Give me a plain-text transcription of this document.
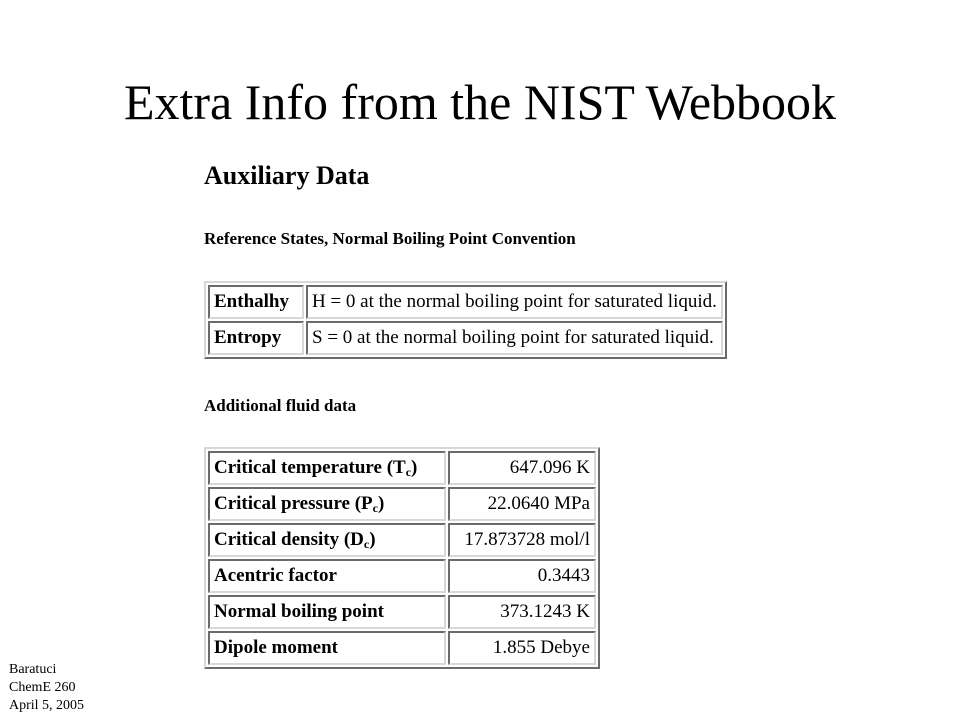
Extra Info from the NIST Webbook
Auxiliary Data
Reference States, Normal Boiling Point Convention
Enthalhy	H = 0 at the normal boiling point for saturated liquid.
Entropy	S = 0 at the normal boiling point for saturated liquid.
Additional fluid data
Critical temperature $(T_c)$	647.096 K
Critical pressure $(P_c)$	22.0640 MPa
Critical density $(D_c)$	17.873728 mol/l
Acentric factor	0.3443
Normal boiling point	373.1243 K
Dipole moment	1.855 Debye
Baratuci
ChemE 260
April 5, 2005
